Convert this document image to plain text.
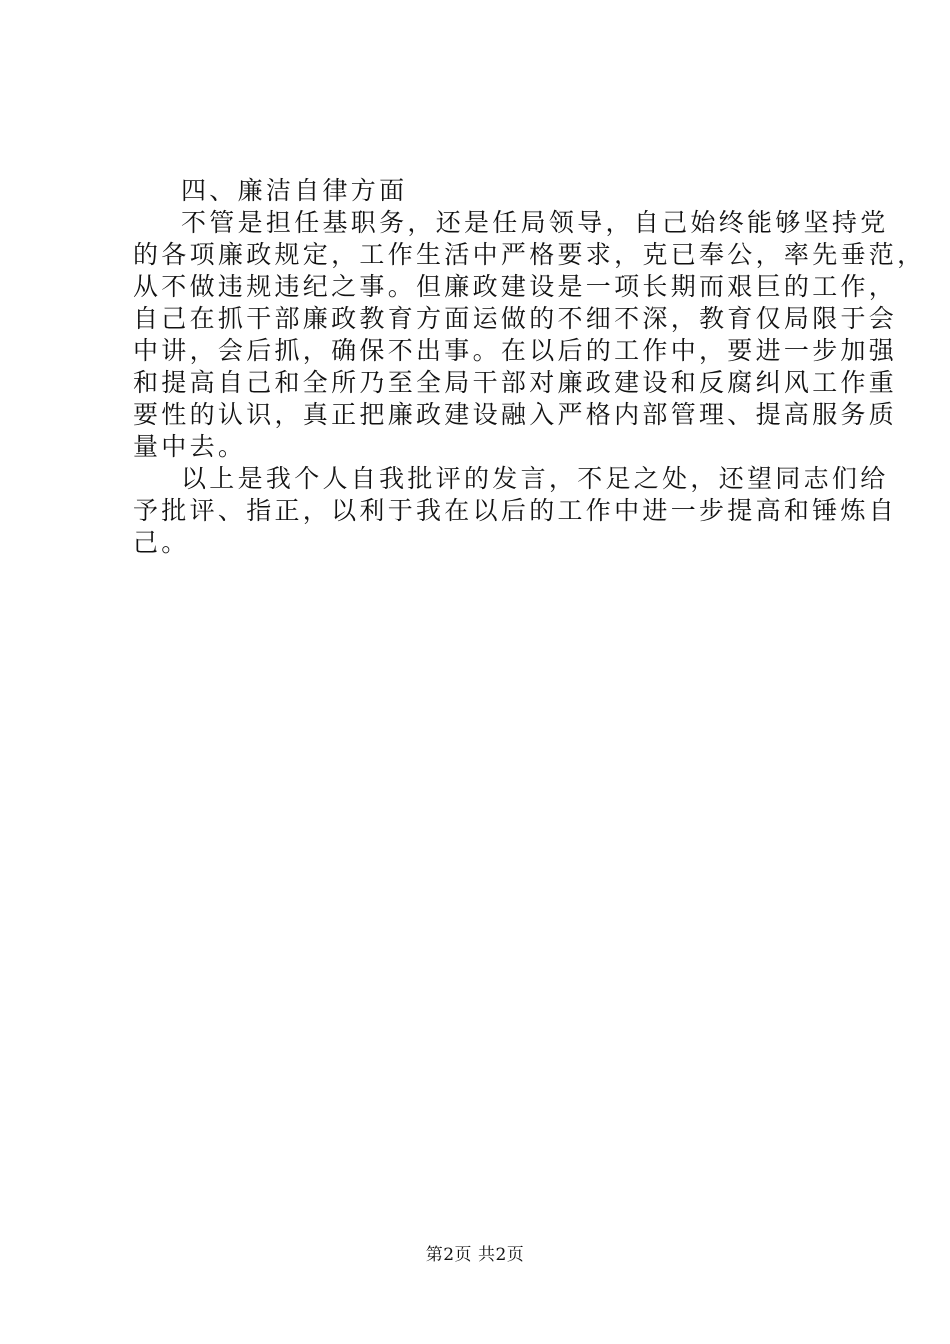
四、廉洁自律方面
不管是担任基职务，还是任局领导，自己始终能够坚持党
的各项廉政规定，工作生活中严格要求，克已奉公，率先垂范，
从不做违规违纪之事。但廉政建设是一项长期而艰巨的工作，
自己在抓干部廉政教育方面运做的不细不深，教育仅局限于会
中讲，会后抓，确保不出事。在以后的工作中，要进一步加强
和提高自己和全所乃至全局干部对廉政建设和反腐纠风工作重
要性的认识，真正把廉政建设融入严格内部管理、提高服务质
量中去。
以上是我个人自我批评的发言，不足之处，还望同志们给
予批评、指正，以利于我在以后的工作中进一步提高和锤炼自
己。
第2页 共2页
